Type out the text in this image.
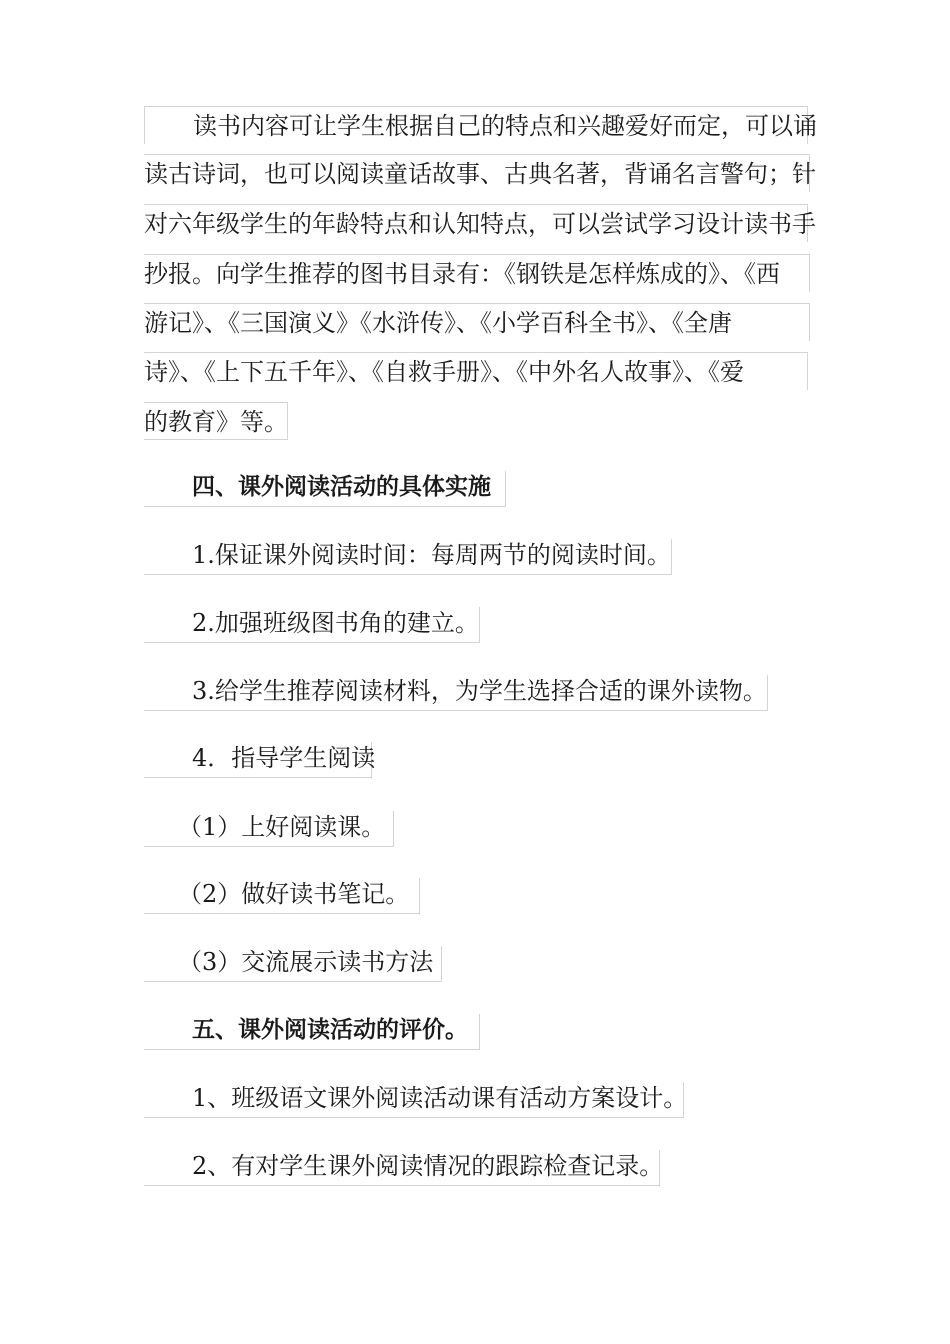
读书内容可让学生根据自己的特点和兴趣爱好而定，可以诵
读古诗词，也可以阅读童话故事、古典名著，背诵名言警句；针
对六年级学生的年龄特点和认知特点，可以尝试学习设计读书手
抄报。向学生推荐的图书目录有：《钢铁是怎样炼成的》、《西
游记》、《三国演义》《水浒传》、《小学百科全书》、《全唐
诗》、《上下五千年》、《自救手册》、《中外名人故事》、《爱
的教育》等。
四、课外阅读活动的具体实施
1.保证课外阅读时间：每周两节的阅读时间。
2.加强班级图书角的建立。
3.给学生推荐阅读材料，为学生选择合适的课外读物。
4．指导学生阅读
（1）上好阅读课。
（2）做好读书笔记。
（3）交流展示读书方法
五、课外阅读活动的评价。
1、班级语文课外阅读活动课有活动方案设计。
2、有对学生课外阅读情况的跟踪检查记录。
